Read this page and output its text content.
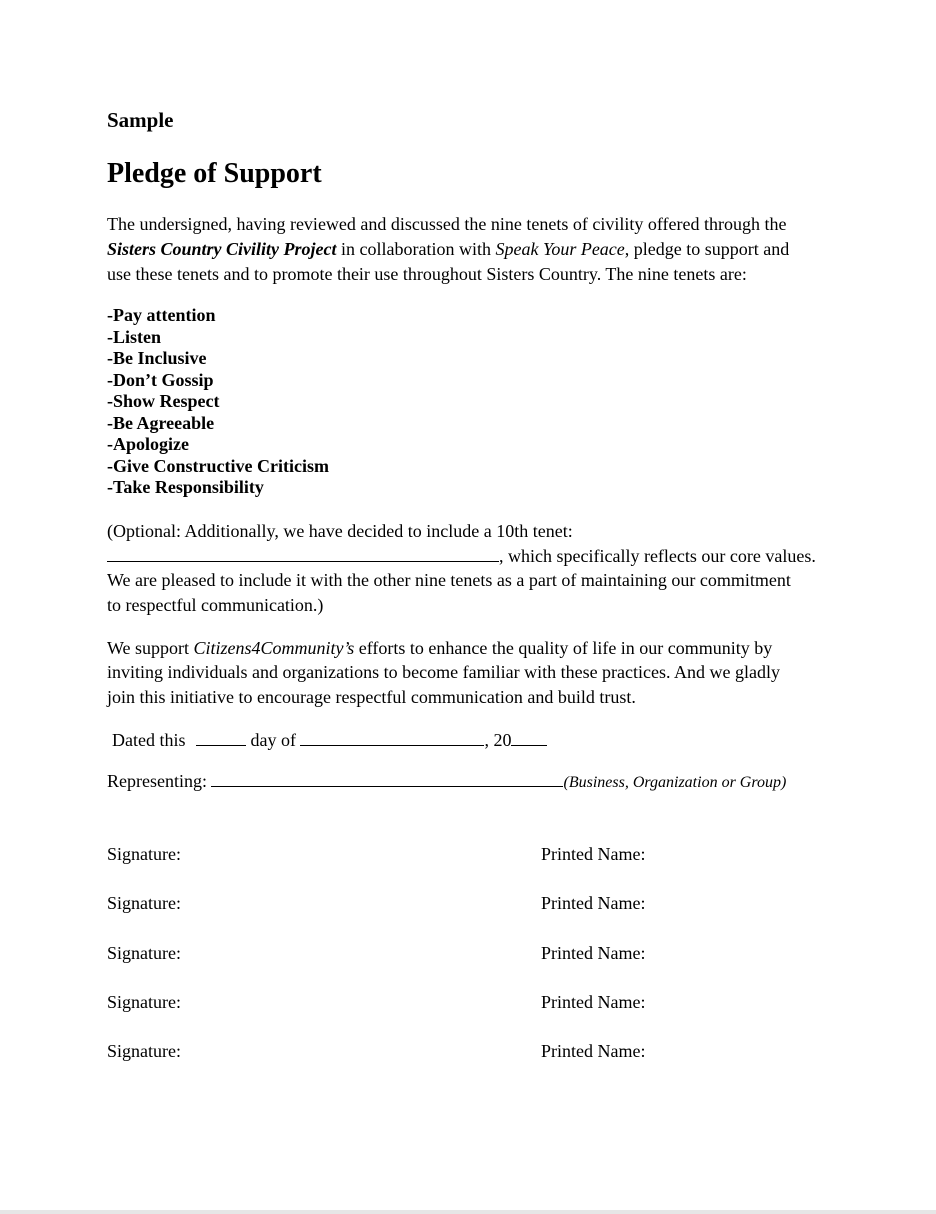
Sample
Pledge of Support
The undersigned, having reviewed and discussed the nine tenets of civility offered through the
Sisters Country Civility Project in collaboration with Speak Your Peace, pledge to support and
use these tenets and to promote their use throughout Sisters Country. The nine tenets are:
-Pay attention
-Listen
-Be Inclusive
-Don’t Gossip
-Show Respect
-Be Agreeable
-Apologize
-Give Constructive Criticism
-Take Responsibility
(Optional: Additionally, we have decided to include a 10th tenet:
, which specifically reflects our core values.
We are pleased to include it with the other nine tenets as a part of maintaining our commitment
to respectful communication.)
We support Citizens4Community’s efforts to enhance the quality of life in our community by
inviting individuals and organizations to become familiar with these practices. And we gladly
join this initiative to encourage respectful communication and build trust.
Dated this	day of	, 20
Representing:	(Business, Organization or Group)
Signature:	Printed Name:
Signature:	Printed Name:
Signature:	Printed Name:
Signature:	Printed Name:
Signature:	Printed Name:
